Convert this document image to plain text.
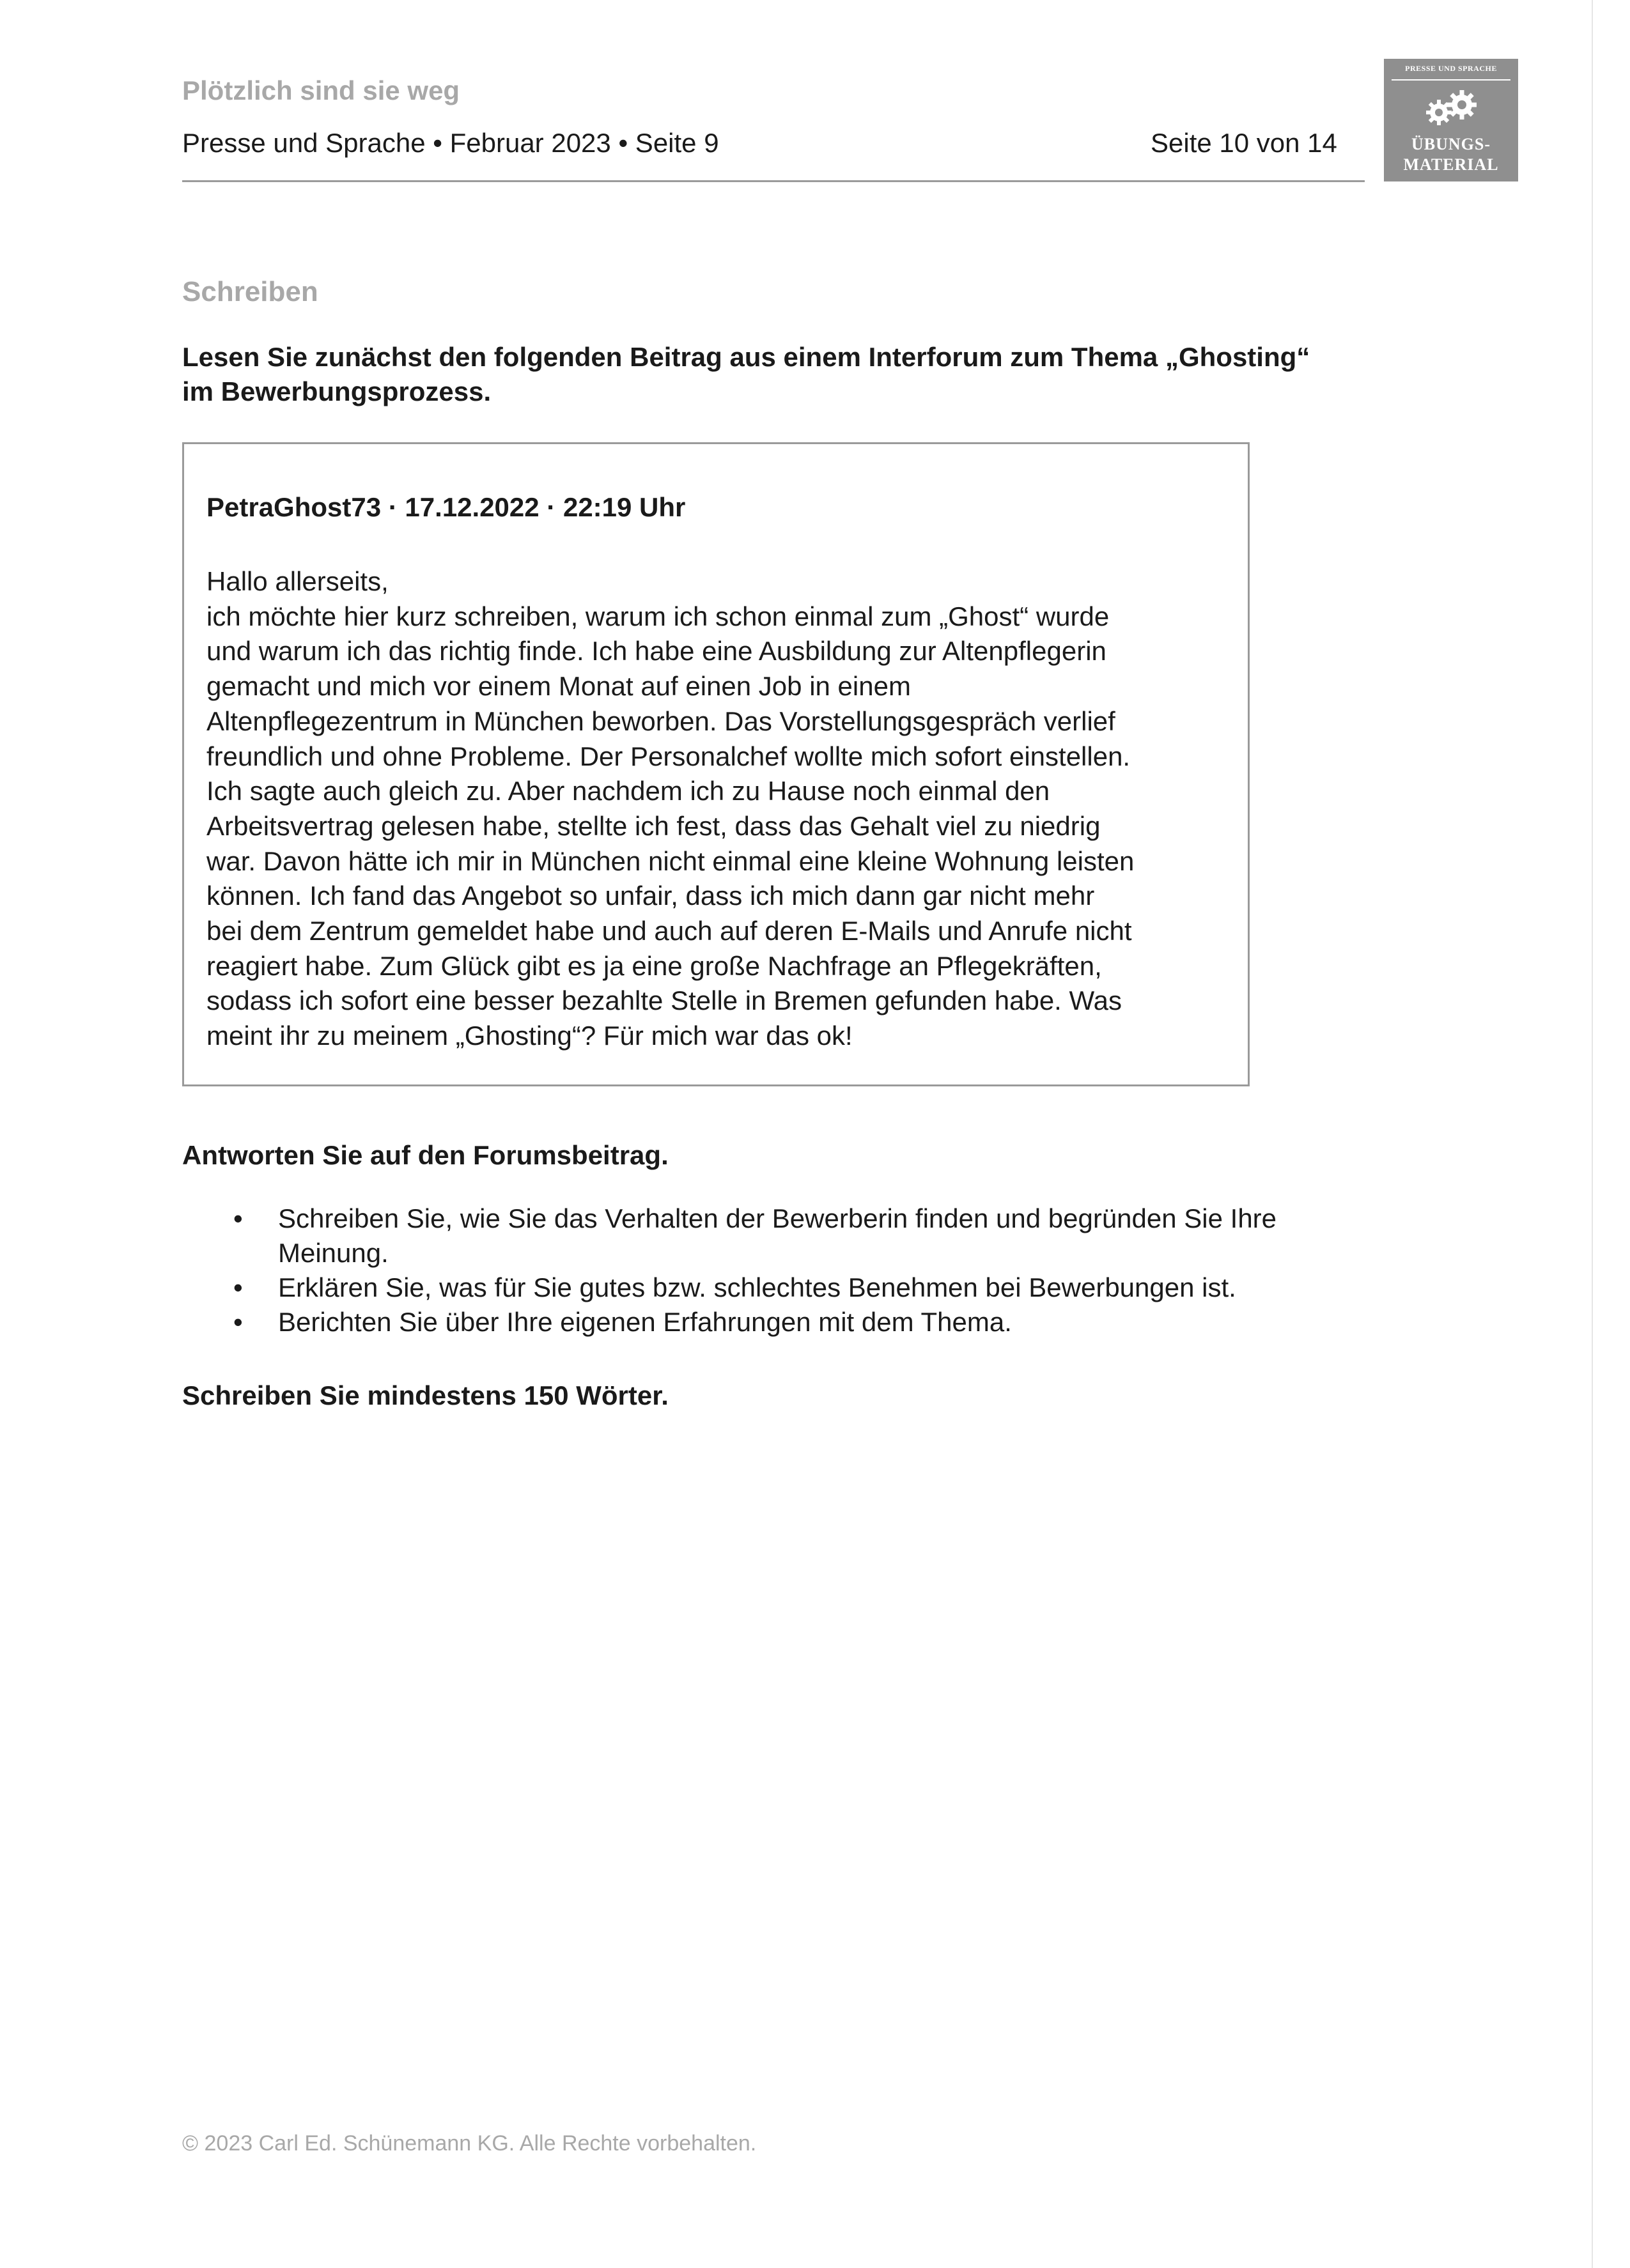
Plötzlich sind sie weg
Presse und Sprache • Februar 2023 • Seite 9	Seite 10 von 14
PRESSE UND SPRACHE
ÜBUNGS-
MATERIAL
Schreiben
Lesen Sie zunächst den folgenden Beitrag aus einem Interforum zum Thema „Ghosting“
im Bewerbungsprozess.
PetraGhost73 · 17.12.2022 · 22:19 Uhr
Hallo allerseits,
ich möchte hier kurz schreiben, warum ich schon einmal zum „Ghost“ wurde
und warum ich das richtig finde. Ich habe eine Ausbildung zur Altenpflegerin
gemacht und mich vor einem Monat auf einen Job in einem
Altenpflegezentrum in München beworben. Das Vorstellungsgespräch verlief
freundlich und ohne Probleme. Der Personalchef wollte mich sofort einstellen.
Ich sagte auch gleich zu. Aber nachdem ich zu Hause noch einmal den
Arbeitsvertrag gelesen habe, stellte ich fest, dass das Gehalt viel zu niedrig
war. Davon hätte ich mir in München nicht einmal eine kleine Wohnung leisten
können. Ich fand das Angebot so unfair, dass ich mich dann gar nicht mehr
bei dem Zentrum gemeldet habe und auch auf deren E-Mails und Anrufe nicht
reagiert habe. Zum Glück gibt es ja eine große Nachfrage an Pflegekräften,
sodass ich sofort eine besser bezahlte Stelle in Bremen gefunden habe. Was
meint ihr zu meinem „Ghosting“? Für mich war das ok!
Antworten Sie auf den Forumsbeitrag.
• Schreiben Sie, wie Sie das Verhalten der Bewerberin finden und begründen Sie Ihre
Meinung.
• Erklären Sie, was für Sie gutes bzw. schlechtes Benehmen bei Bewerbungen ist.
• Berichten Sie über Ihre eigenen Erfahrungen mit dem Thema.
Schreiben Sie mindestens 150 Wörter.
© 2023 Carl Ed. Schünemann KG. Alle Rechte vorbehalten.
